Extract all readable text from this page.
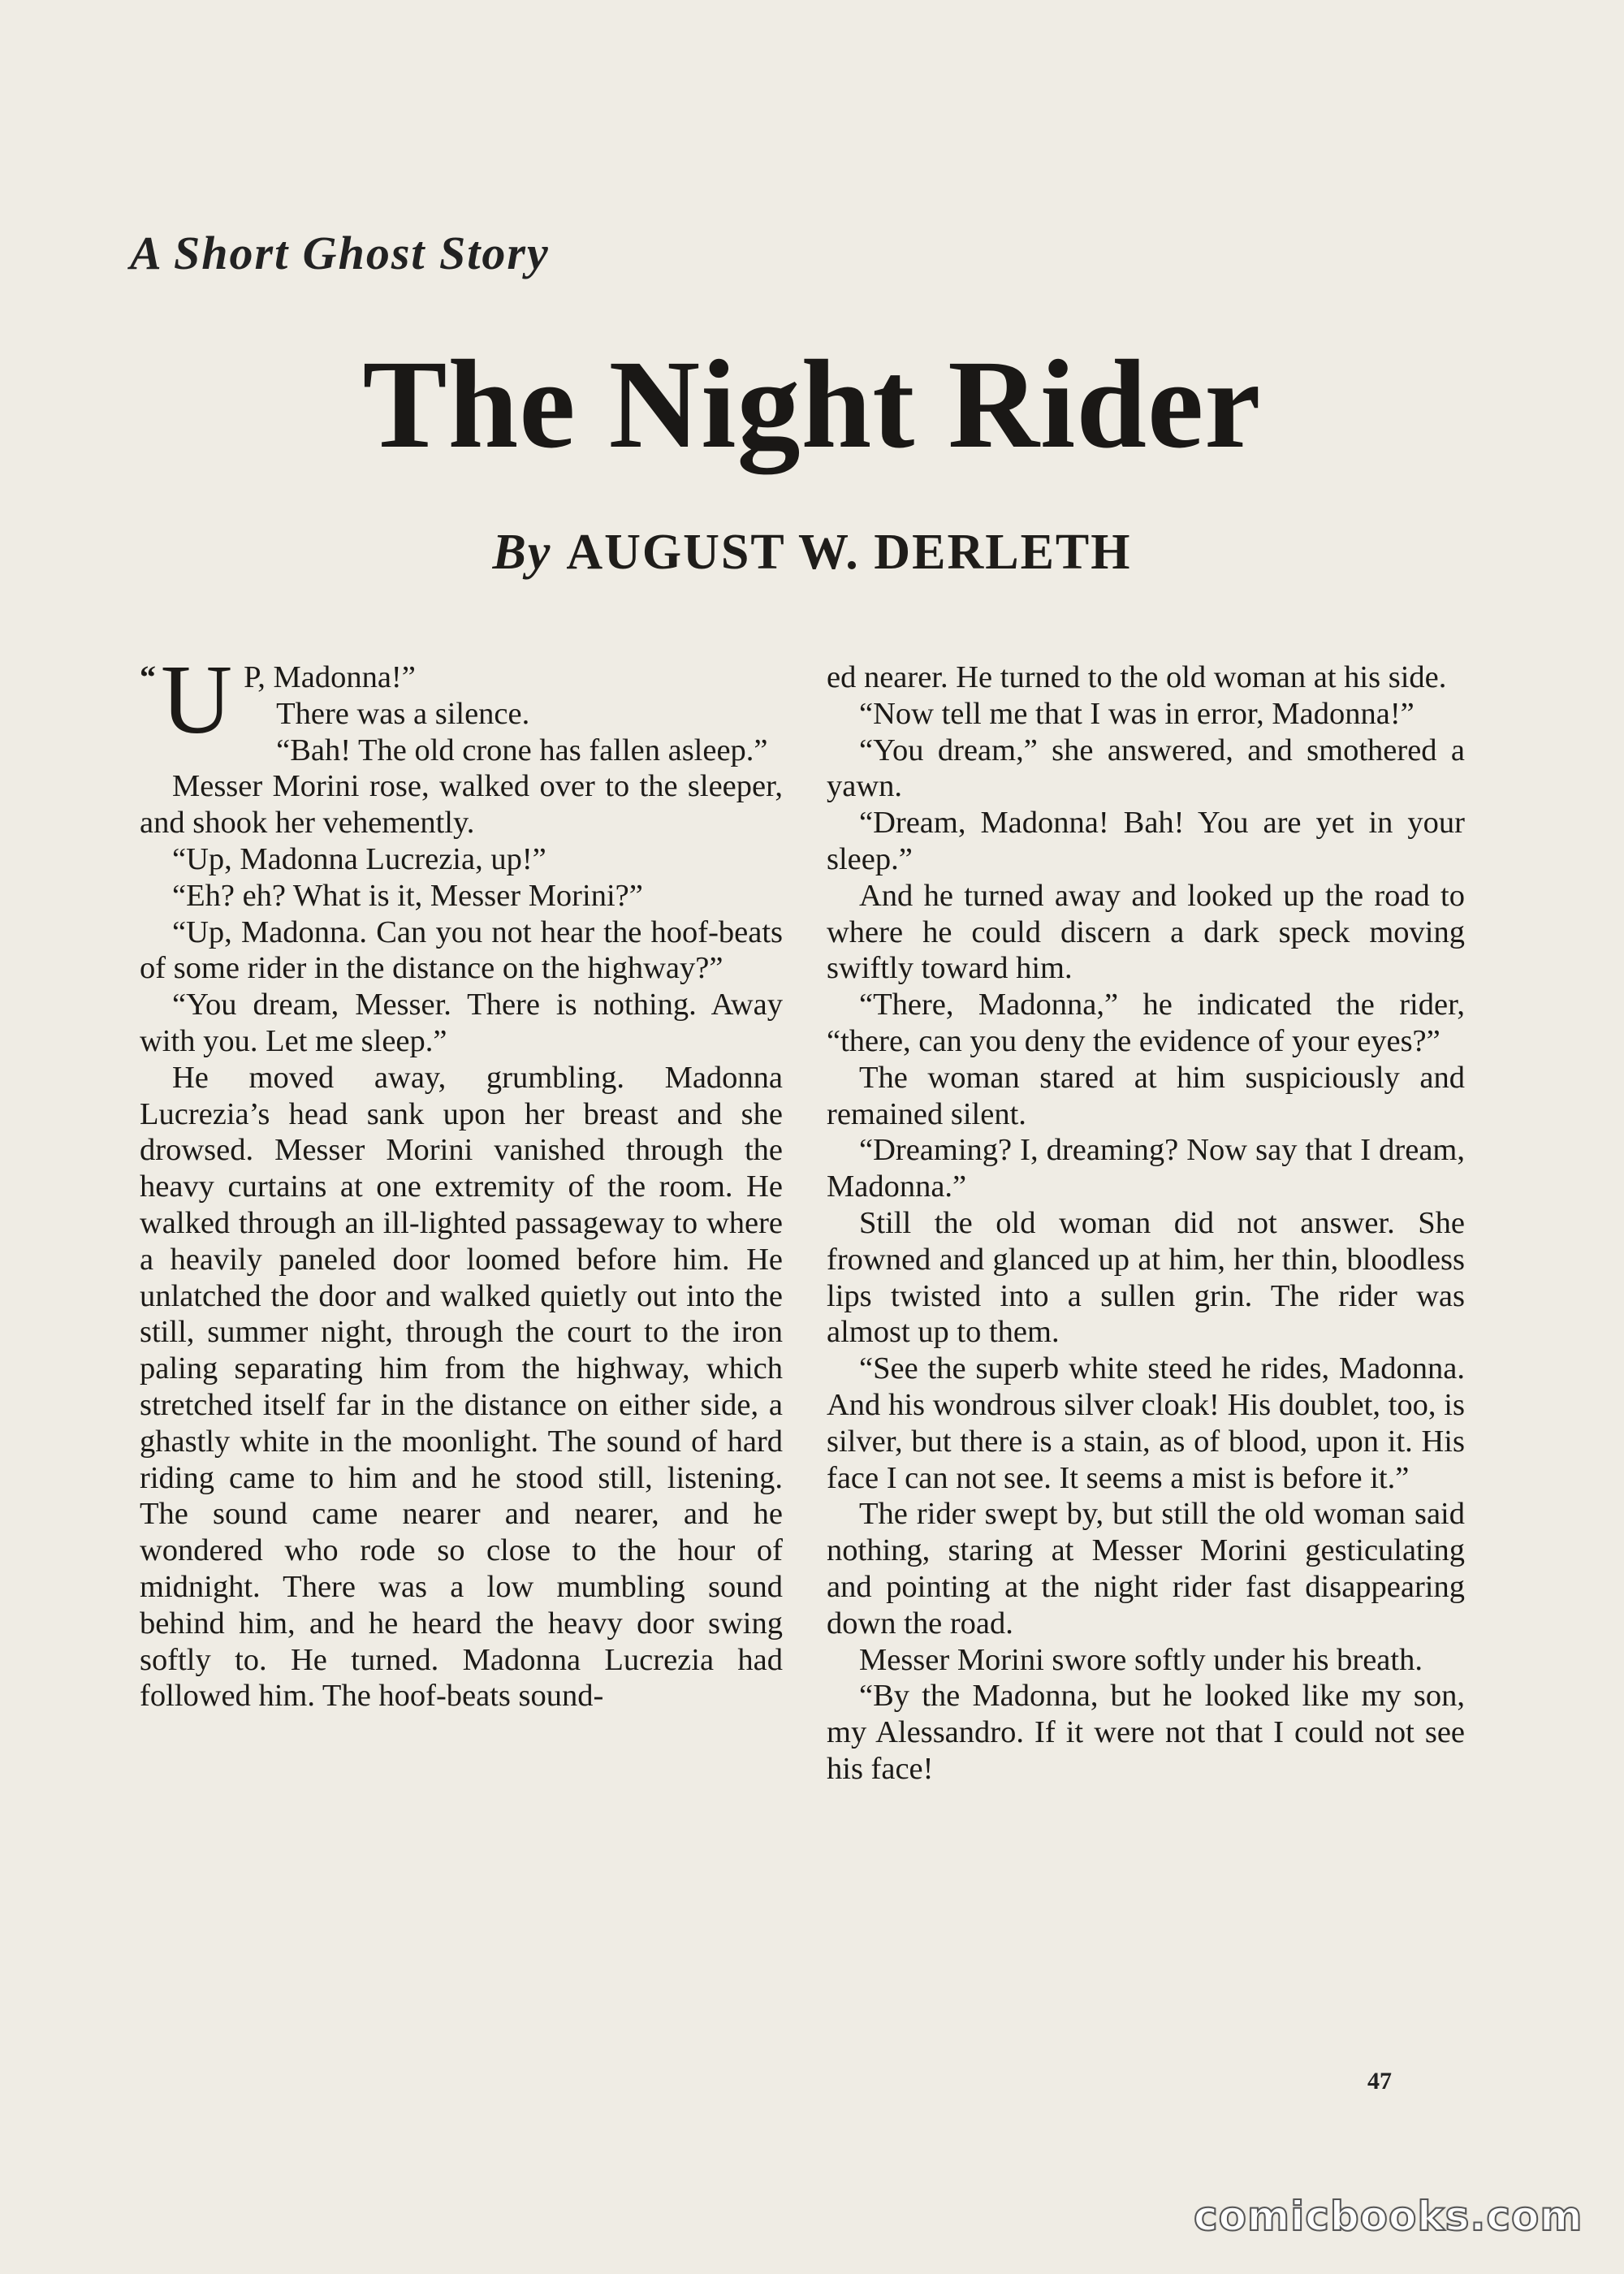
A Short Ghost Story
The Night Rider
By AUGUST W. DERLETH

“U P, Madonna!”

There was a silence.

“Bah! The old crone has fallen asleep.”

Messer Morini rose, walked over to the sleeper, and shook her vehemently.

“Up, Madonna Lucrezia, up!”

“Eh? eh? What is it, Messer Morini?”

“Up, Madonna. Can you not hear the hoof-beats of some rider in the distance on the highway?”

“You dream, Messer. There is nothing. Away with you. Let me sleep.”

He moved away, grumbling. Madonna Lucrezia’s head sank upon her breast and she drowsed. Messer Morini vanished through the heavy curtains at one extremity of the room. He walked through an ill-lighted passageway to where a heavily paneled door loomed before him. He unlatched the door and walked quietly out into the still, summer night, through the court to the iron paling separating him from the highway, which stretched itself far in the distance on either side, a ghastly white in the moonlight. The sound of hard riding came to him and he stood still, listening. The sound came nearer and nearer, and he wondered who rode so close to the hour of midnight. There was a low mumbling sound behind him, and he heard the heavy door swing softly to. He turned. Madonna Lucrezia had followed him. The hoof-beats sound-

ed nearer. He turned to the old woman at his side.

“Now tell me that I was in error, Madonna!”

“You dream,” she answered, and smothered a yawn.

“Dream, Madonna! Bah! You are yet in your sleep.”

And he turned away and looked up the road to where he could discern a dark speck moving swiftly toward him.

“There, Madonna,” he indicated the rider, “there, can you deny the evidence of your eyes?”

The woman stared at him suspiciously and remained silent.

“Dreaming? I, dreaming? Now say that I dream, Madonna.”

Still the old woman did not answer. She frowned and glanced up at him, her thin, bloodless lips twisted into a sullen grin. The rider was almost up to them.

“See the superb white steed he rides, Madonna. And his wondrous silver cloak! His doublet, too, is silver, but there is a stain, as of blood, upon it. His face I can not see. It seems a mist is before it.”

The rider swept by, but still the old woman said nothing, staring at Messer Morini gesticulating and pointing at the night rider fast disappearing down the road.

Messer Morini swore softly under his breath.

“By the Madonna, but he looked like my son, my Alessandro. If it were not that I could not see his face!

47
comicbooks.com
